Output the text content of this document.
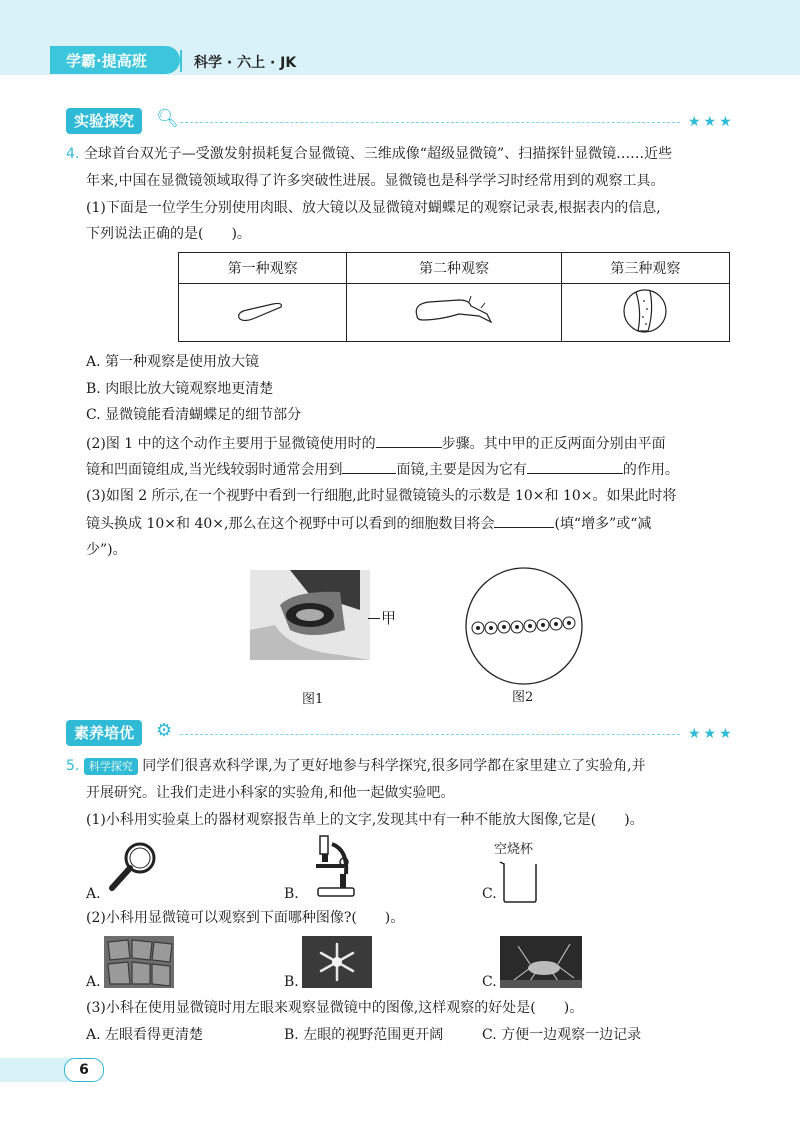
学霸·提高班	科学 · 六上 · JK
实验探究	🔍︎	★★★
4. 全球首台双光子—受激发射损耗复合显微镜、三维成像“超级显微镜”、扫描探针显微镜……近些
年来,中国在显微镜领域取得了许多突破性进展。显微镜也是科学学习时经常用到的观察工具。
(1)下面是一位学生分别使用肉眼、放大镜以及显微镜对蝴蝶足的观察记录表,根据表内的信息,
下列说法正确的是(　　)。
第一种观察	第二种观察	第三种观察

A. 第一种观察是使用放大镜
B. 肉眼比放大镜观察地更清楚
C. 显微镜能看清蝴蝶足的细节部分
(2)图 1 中的这个动作主要用于显微镜使用时的	步骤。其中甲的正反两面分别由平面
镜和凹面镜组成,当光线较弱时通常会用到	面镜,主要是因为它有	的作用。
(3)如图 2 所示,在一个视野中看到一行细胞,此时显微镜镜头的示数是 10×和 10×。如果此时将
镜头换成 10×和 40×,那么在这个视野中可以看到的细胞数目将会	(填“增多”或“减
少”)。
甲
图1	图2
素养培优	⚙	★★★
5. 科学探究 同学们很喜欢科学课,为了更好地参与科学探究,很多同学都在家里建立了实验角,并
开展研究。让我们走进小科家的实验角,和他一起做实验吧。
(1)小科用实验桌上的器材观察报告单上的文字,发现其中有一种不能放大图像,它是(　　)。
A.	B.	C.
空烧杯
(2)小科用显微镜可以观察到下面哪种图像?(　　)。
A.	B.	C.
(3)小科在使用显微镜时用左眼来观察显微镜中的图像,这样观察的好处是(　　)。
A. 左眼看得更清楚	B. 左眼的视野范围更开阔	C. 方便一边观察一边记录
6
